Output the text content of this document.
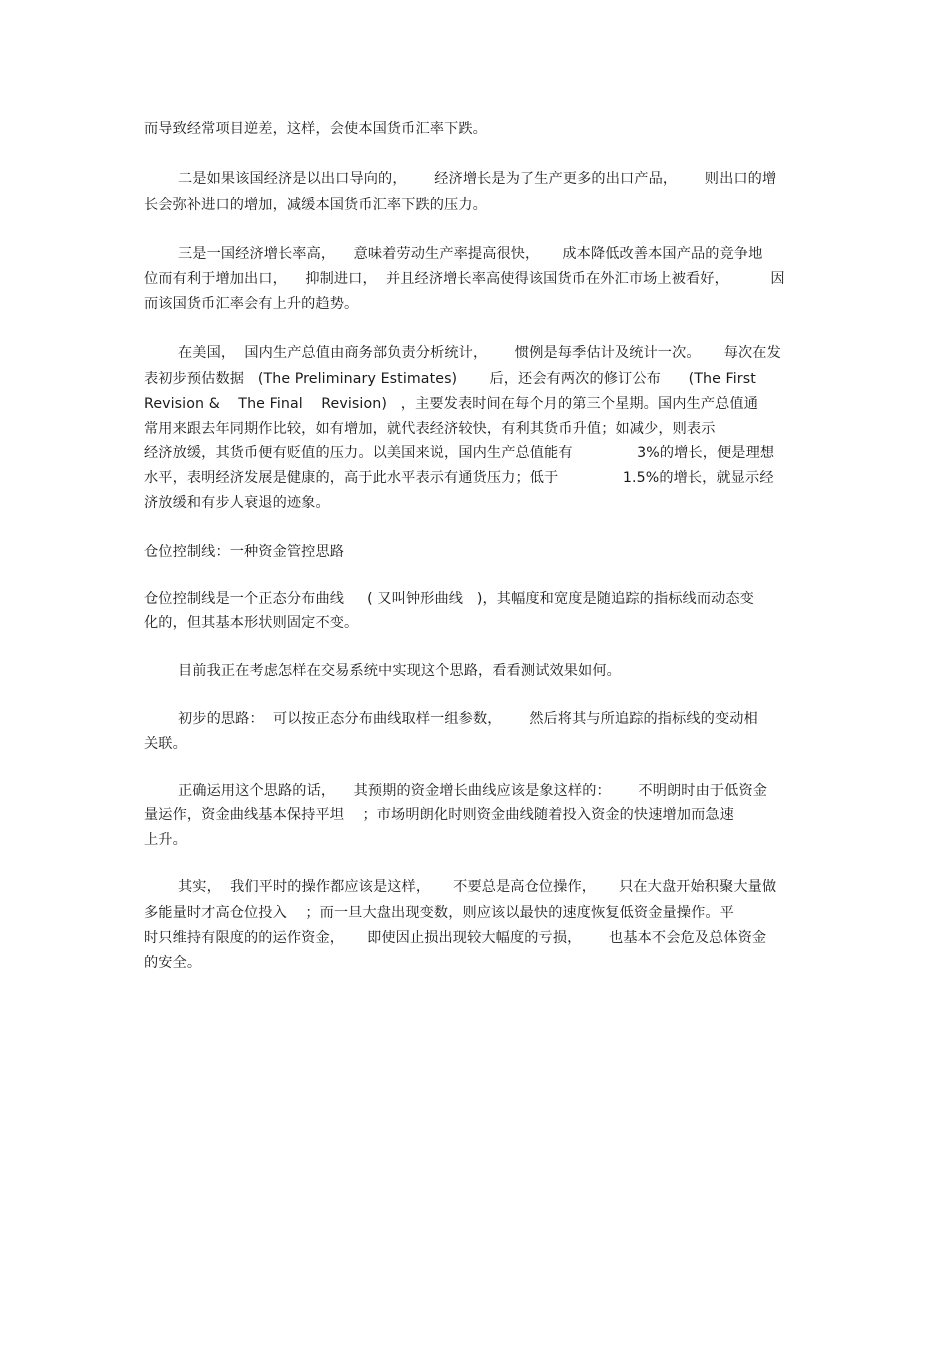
而导致经常项目逆差，这样，会使本国货币汇率下跌。
二是如果该国经济是以出口导向的，      经济增长是为了生产更多的出口产品，      则出口的增
长会弥补进口的增加，减缓本国货币汇率下跌的压力。
三是一国经济增长率高，    意味着劳动生产率提高很快，     成本降低改善本国产品的竞争地
位而有利于增加出口，    抑制进口，  并且经济增长率高使得该国货币在外汇市场上被看好，         因
而该国货币汇率会有上升的趋势。
在美国，  国内生产总值由商务部负责分析统计，      惯例是每季估计及统计一次。     每次在发
表初步预估数据   (The Preliminary Estimates)       后，还会有两次的修订公布      (The First
Revision &    The Final    Revision)   ，主要发表时间在每个月的第三个星期。国内生产总值通
常用来跟去年同期作比较，如有增加，就代表经济较快，有利其货币升值；如减少，则表示
经济放缓，其货币便有贬值的压力。以美国来说，国内生产总值能有              3%的增长，便是理想
水平，表明经济发展是健康的，高于此水平表示有通货压力；低于              1.5%的增长，就显示经
济放缓和有步人衰退的迹象。
仓位控制线：一种资金管控思路
仓位控制线是一个正态分布曲线     ( 又叫钟形曲线   )，其幅度和宽度是随追踪的指标线而动态变
化的，但其基本形状则固定不变。
目前我正在考虑怎样在交易系统中实现这个思路，看看测试效果如何。
初步的思路：  可以按正态分布曲线取样一组参数，      然后将其与所追踪的指标线的变动相
关联。
正确运用这个思路的话，    其预期的资金增长曲线应该是象这样的：      不明朗时由于低资金
量运作，资金曲线基本保持平坦    ；市场明朗化时则资金曲线随着投入资金的快速增加而急速
上升。
其实，  我们平时的操作都应该是这样，     不要总是高仓位操作，     只在大盘开始积聚大量做
多能量时才高仓位投入    ；而一旦大盘出现变数，则应该以最快的速度恢复低资金量操作。平
时只维持有限度的的运作资金，     即使因止损出现较大幅度的亏损，      也基本不会危及总体资金
的安全。
